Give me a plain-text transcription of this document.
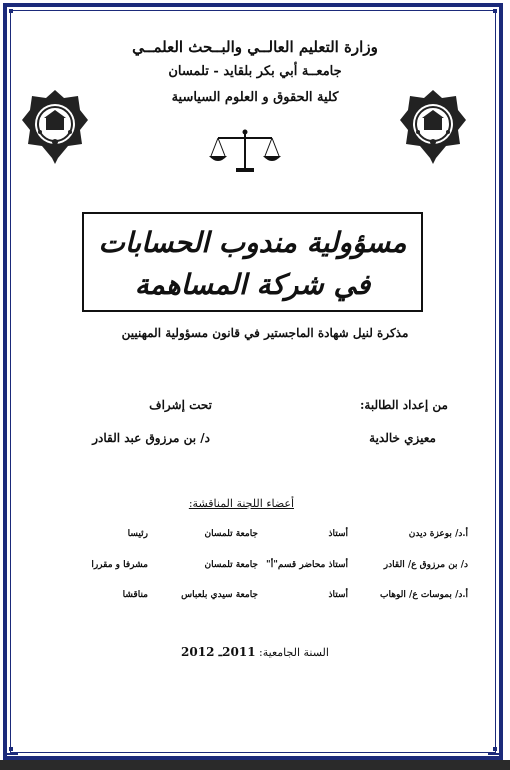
وزارة التعليم العالــي والبــحث العلمــي
جامعــة أبي بكر بلقايد - تلمسان
كلية الحقوق و العلوم السياسية
مسؤولية مندوب الحسابات
في شركة المساهمة
مذكرة لنيل شهادة الماجستير في قانون مسؤولية المهنيين
من إعداد الطالبة:
تحت إشراف
معيزي خالدية
د/ بن مرزوق عبد القادر
أعضاء اللجنة المناقشة:
أ.د/ بوعزة ديدن
أستاذ
جامعة تلمسان
رئيسا
د/ بن مرزوق ع/ القادر
أستاذ محاضر قسم"أ"
جامعة تلمسان
مشرفا و مقررا
أ.د/ بموسات ع/ الوهاب
أستاذ
جامعة سيدي بلعباس
مناقشا
السنة الجامعية: 2011ـ 2012
